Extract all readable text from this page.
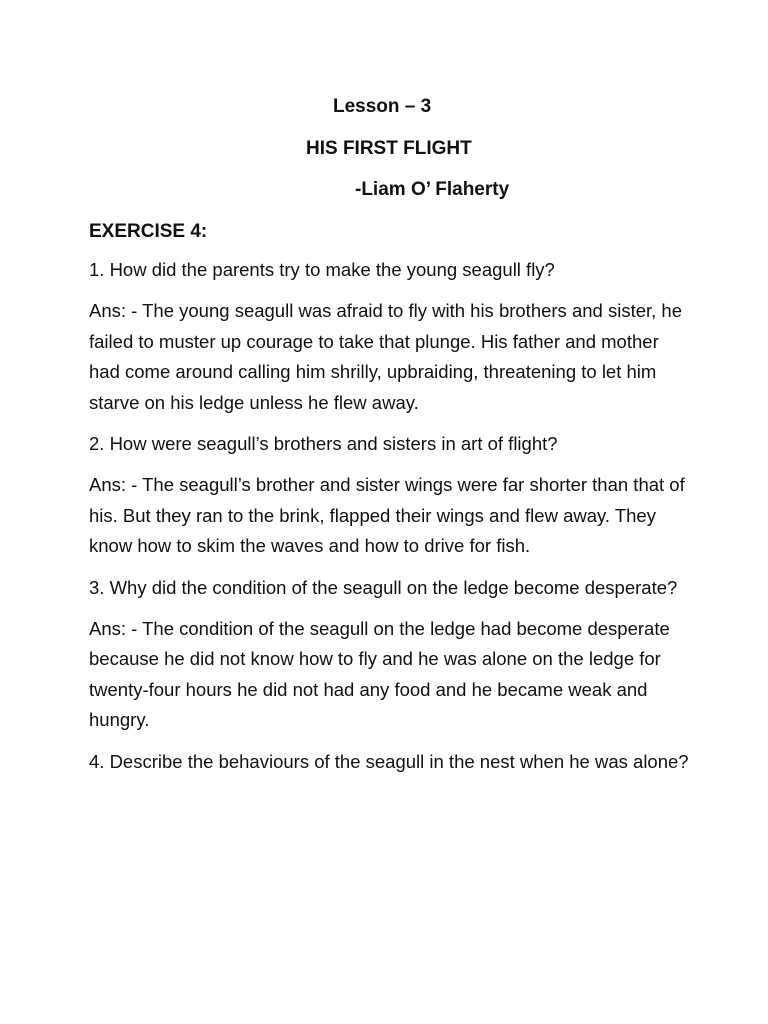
Lesson – 3
HIS FIRST FLIGHT
-Liam O’ Flaherty
EXERCISE 4:

1. How did the parents try to make the young seagull fly?

Ans: - The young seagull was afraid to fly with his brothers and sister, he failed to muster up courage to take that plunge. His father and mother had come around calling him shrilly, upbraiding, threatening to let him starve on his ledge unless he flew away.

2. How were seagull’s brothers and sisters in art of flight?

Ans: - The seagull’s brother and sister wings were far shorter than that of his. But they ran to the brink, flapped their wings and flew away. They know how to skim the waves and how to drive for fish.

3. Why did the condition of the seagull on the ledge become desperate?

Ans: - The condition of the seagull on the ledge had become desperate because he did not know how to fly and he was alone on the ledge for twenty-four hours he did not had any food and he became weak and hungry.

4. Describe the behaviours of the seagull in the nest when he was alone?
